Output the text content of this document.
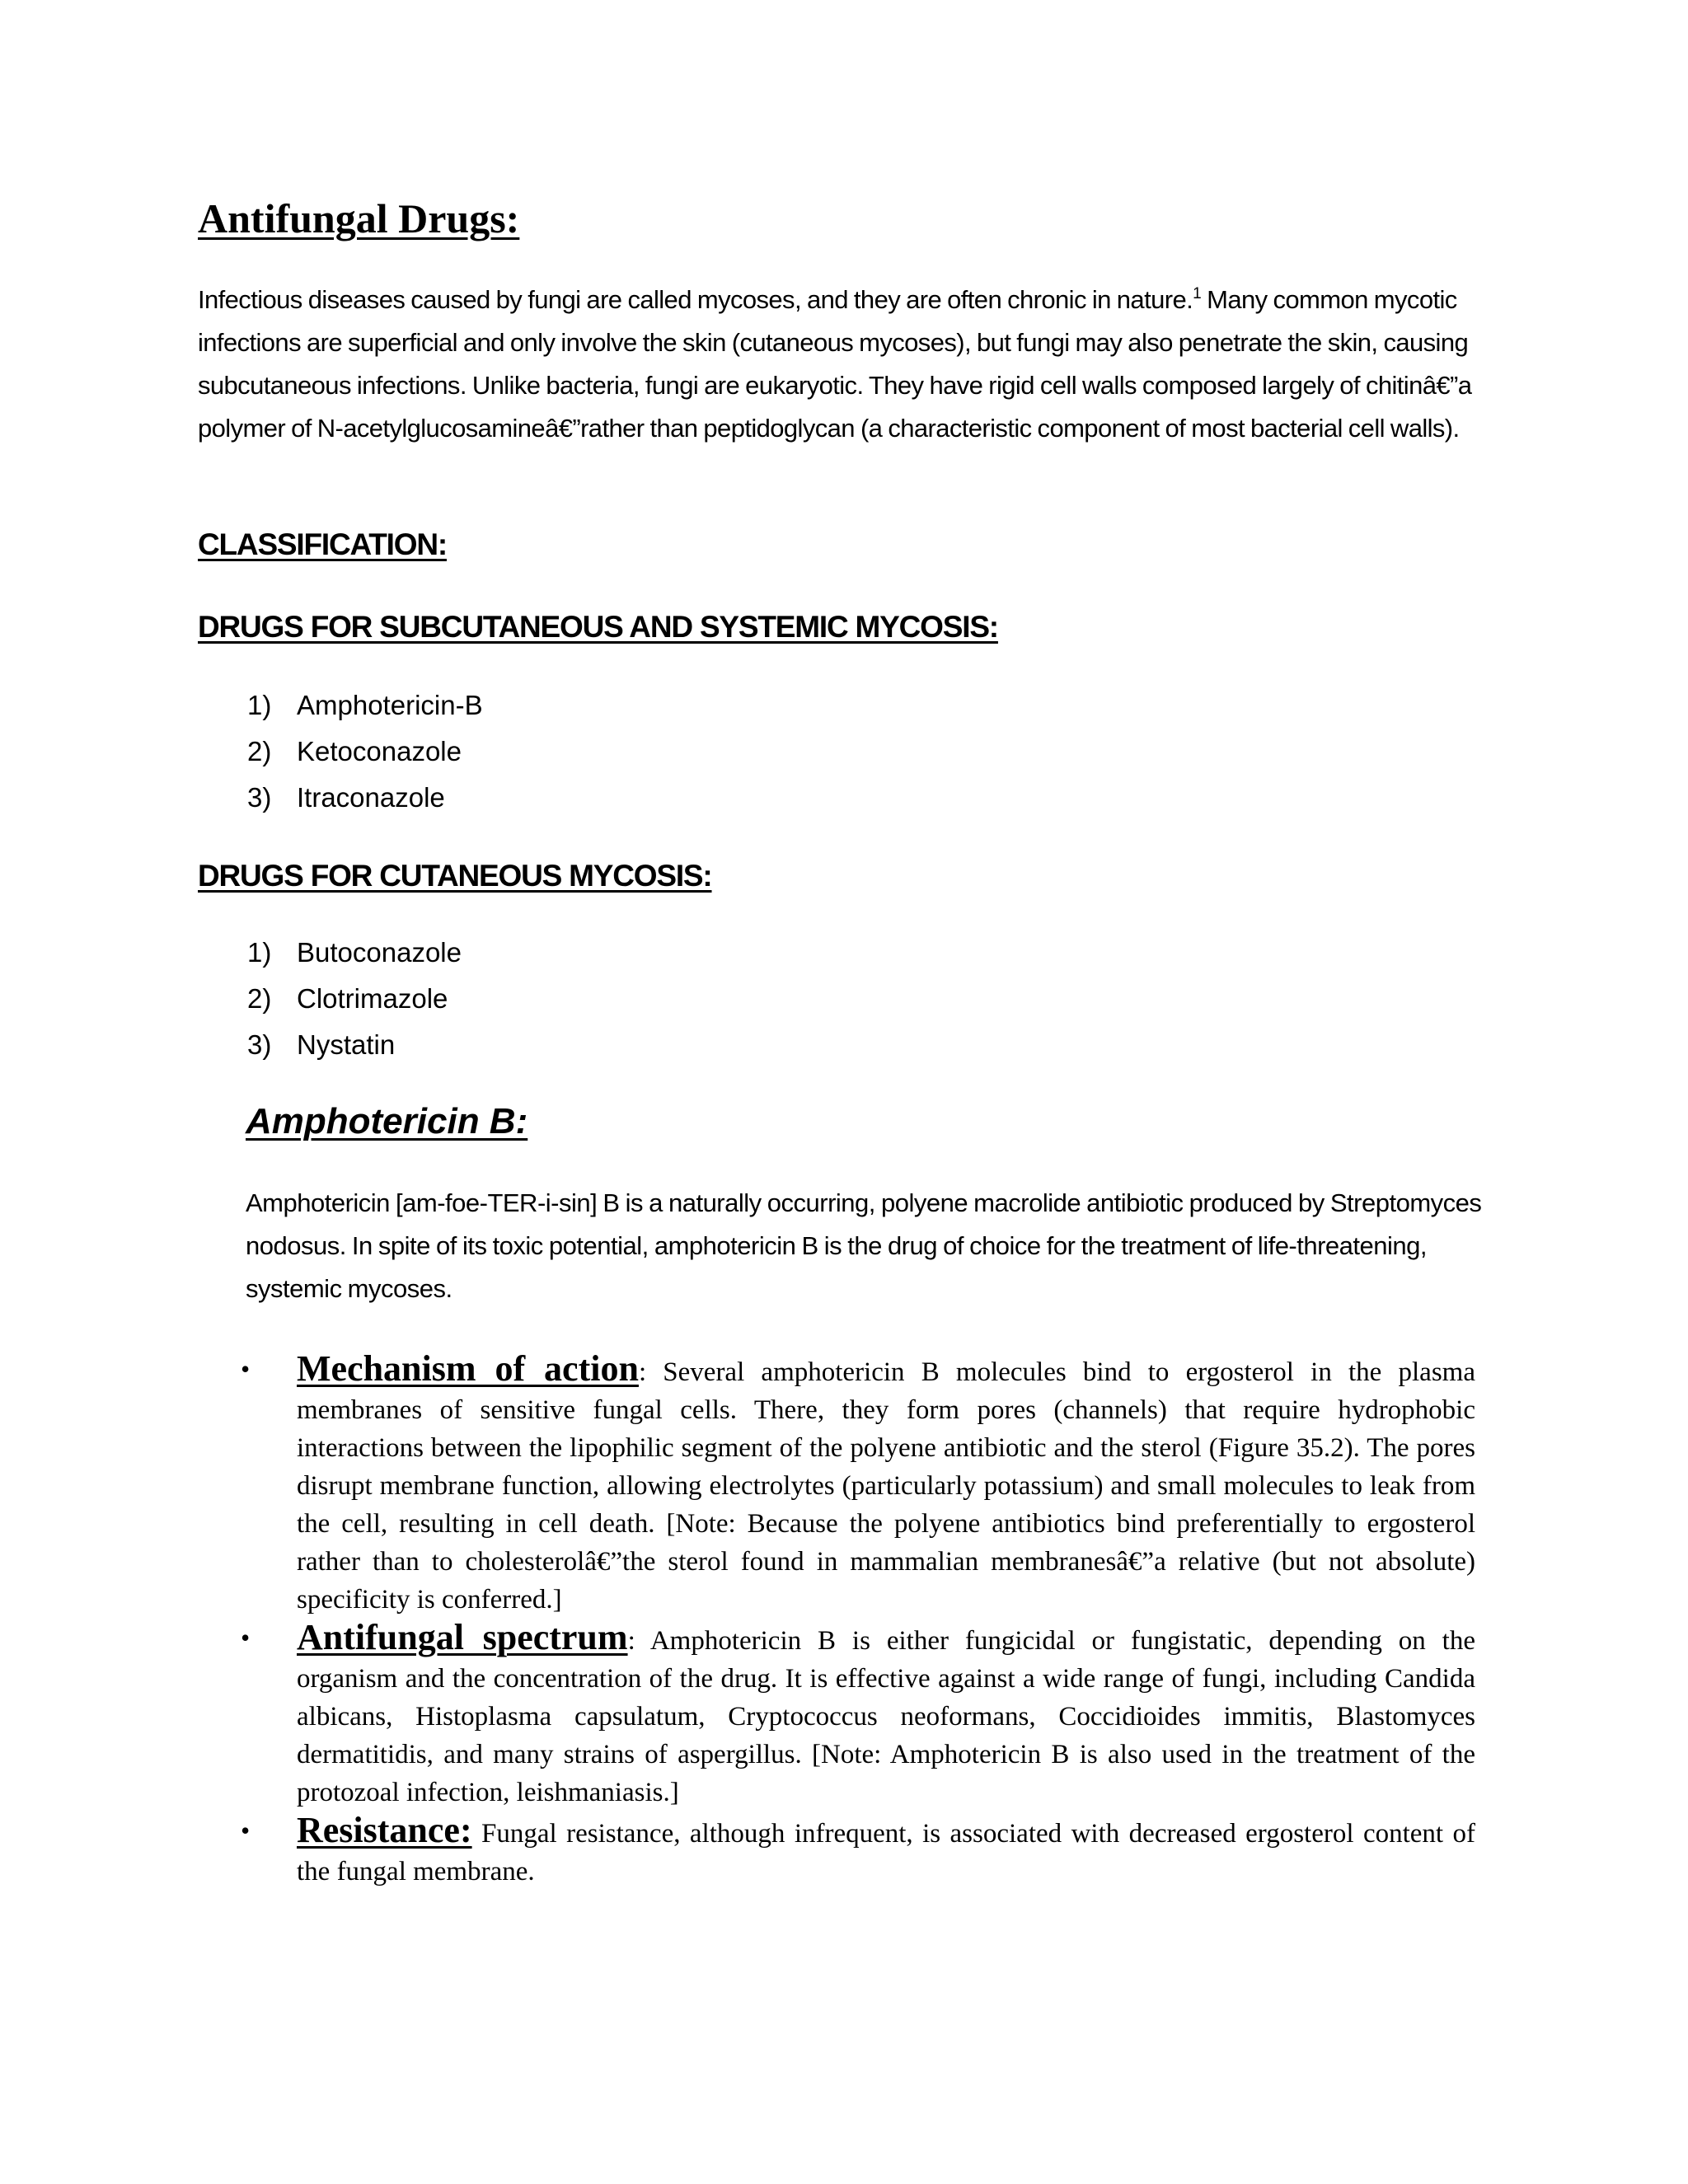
Antifungal Drugs:

Infectious diseases caused by fungi are called mycoses, and they are often chronic in nature.$^1$ Many common mycotic infections are superficial and only involve the skin (cutaneous mycoses), but fungi may also penetrate the skin, causing subcutaneous infections. Unlike bacteria, fungi are eukaryotic. They have rigid cell walls composed largely of chitinâ€”a polymer of N-acetylglucosamineâ€”rather than peptidoglycan (a characteristic component of most bacterial cell walls).

CLASSIFICATION:
DRUGS FOR SUBCUTANEOUS AND SYSTEMIC MYCOSIS:
1) Amphotericin-B
2) Ketoconazole
3) Itraconazole
DRUGS FOR CUTANEOUS MYCOSIS:
1) Butoconazole
2) Clotrimazole
3) Nystatin
Amphotericin B:

Amphotericin [am-foe-TER-i-sin] B is a naturally occurring, polyene macrolide antibiotic produced by Streptomyces nodosus. In spite of its toxic potential, amphotericin B is the drug of choice for the treatment of life-threatening, systemic mycoses.

• Mechanism of action: Several amphotericin B molecules bind to ergosterol in the plasma membranes of sensitive fungal cells. There, they form pores (channels) that require hydrophobic interactions between the lipophilic segment of the polyene antibiotic and the sterol (Figure 35.2). The pores disrupt membrane function, allowing electrolytes (particularly potassium) and small molecules to leak from the cell, resulting in cell death. [Note: Because the polyene antibiotics bind preferentially to ergosterol rather than to cholesterolâ€”the sterol found in mammalian membranesâ€”a relative (but not absolute) specificity is conferred.]
• Antifungal spectrum: Amphotericin B is either fungicidal or fungistatic, depending on the organism and the concentration of the drug. It is effective against a wide range of fungi, including Candida albicans, Histoplasma capsulatum, Cryptococcus neoformans, Coccidioides immitis, Blastomyces dermatitidis, and many strains of aspergillus. [Note: Amphotericin B is also used in the treatment of the protozoal infection, leishmaniasis.]
• Resistance: Fungal resistance, although infrequent, is associated with decreased ergosterol content of the fungal membrane.
